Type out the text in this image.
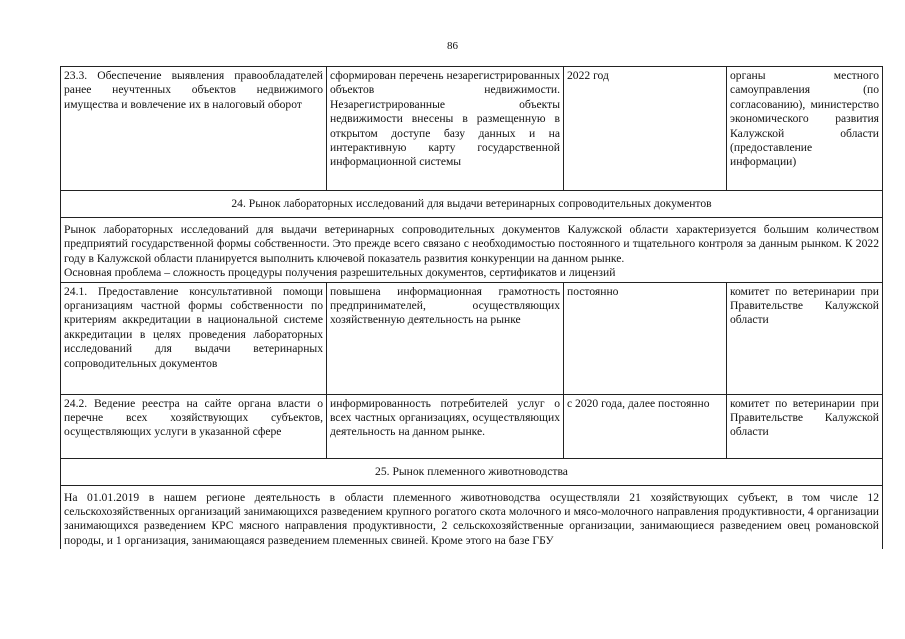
86
23.3. Обеспечение выявления правообладателей ранее неучтенных объектов недвижимого имущества и вовлечение их в налоговый оборот	сформирован перечень незарегистрированных объектов недвижимости. Незарегистрированные объекты недвижимости внесены в размещенную в открытом доступе базу данных и на интерактивную карту государственной информационной системы	2022 год	органы местного самоуправления (по согласованию), министерство экономического развития Калужской области (предоставление информации)
24. Рынок лабораторных исследований для выдачи ветеринарных сопроводительных документов			

Рынок лабораторных исследований для выдачи ветеринарных сопроводительных документов Калужской области характеризуется большим количеством предприятий государственной формы собственности. Это прежде всего связано с необходимостью постоянного и тщательного контроля за данным рынком. К 2022 году в Калужской области планируется выполнить ключевой показатель развития конкуренции на данном рынке.

Основная проблема – сложность процедуры получения разрешительных документов, сертификатов и лицензий			

24.1. Предоставление консультативной помощи организациям частной формы собственности по критериям аккредитации в национальной системе аккредитации в целях проведения лабораторных исследований для выдачи ветеринарных сопроводительных документов	повышена информационная грамотность предпринимателей, осуществляющих хозяйственную деятельность на рынке	постоянно	комитет по ветеринарии при Правительстве Калужской области
24.2. Ведение реестра на сайте органа власти о перечне всех хозяйствующих субъектов, осуществляющих услуги в указанной сфере	информированность потребителей услуг о всех частных организациях, осуществляющих деятельность на данном рынке.	с 2020 года, далее постоянно	комитет по ветеринарии при Правительстве Калужской области
25. Рынок племенного животноводства			
На 01.01.2019 в нашем регионе деятельность в области племенного животноводства осуществляли 21 хозяйствующих субъект, в том числе 12 сельскохозяйственных организаций занимающихся разведением крупного рогатого скота молочного и мясо-молочного направления продуктивности, 4 организации занимающихся разведением КРС мясного направления продуктивности, 2 сельскохозяйственные организации, занимающиеся разведением овец романовской породы, и 1 организация, занимающаяся разведением племенных свиней. Кроме этого на базе ГБУ			
